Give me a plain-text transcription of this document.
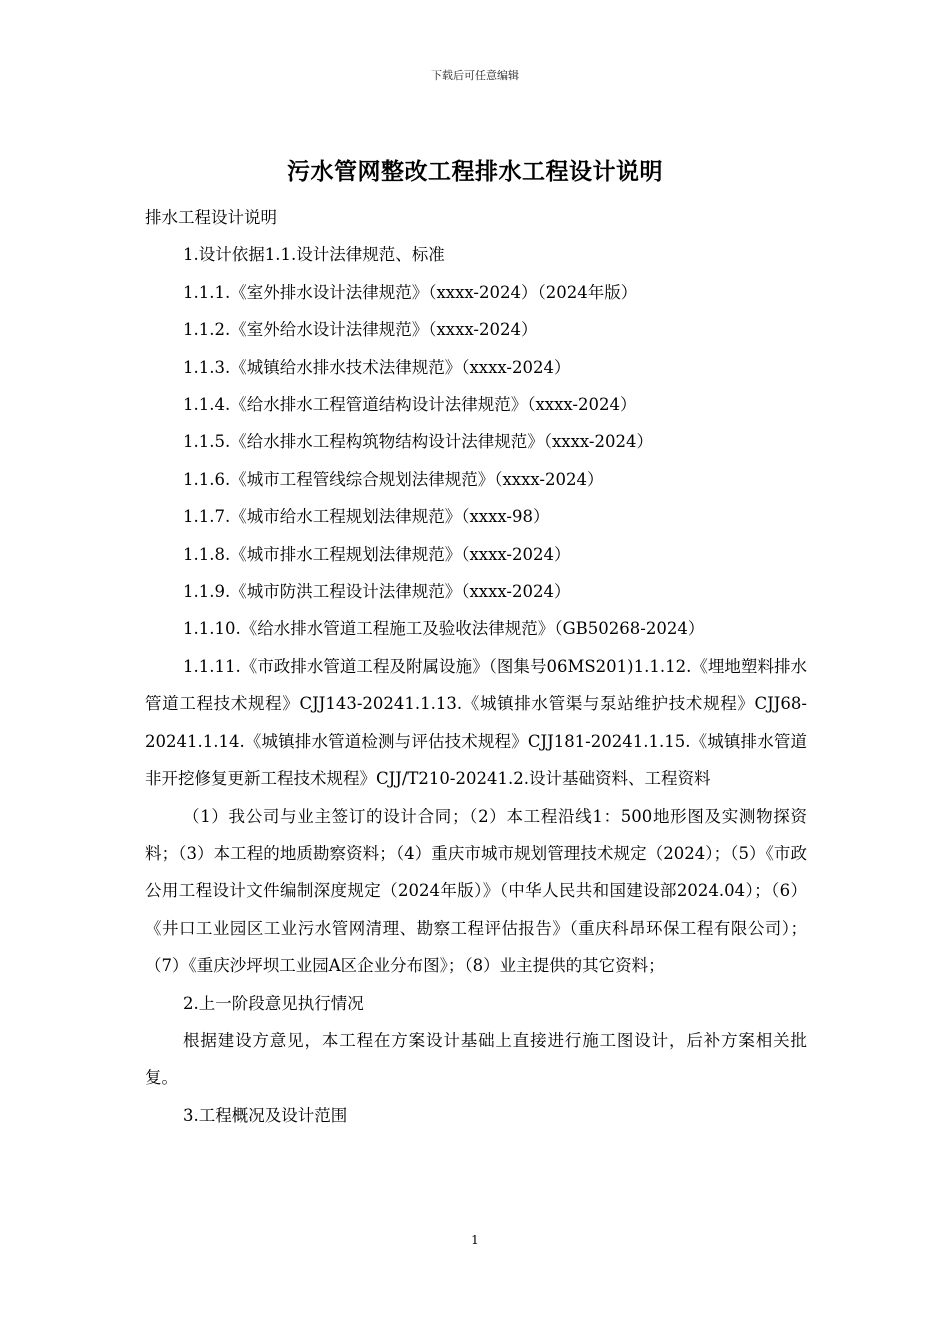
下载后可任意编辑
污水管网整改工程排水工程设计说明
排水工程设计说明
1.设计依据1.1.设计法律规范、标准
1.1.1.《室外排水设计法律规范》（xxxx-2024）（2024年版）
1.1.2.《室外给水设计法律规范》（xxxx-2024）
1.1.3.《城镇给水排水技术法律规范》（xxxx-2024）
1.1.4.《给水排水工程管道结构设计法律规范》（xxxx-2024）
1.1.5.《给水排水工程构筑物结构设计法律规范》（xxxx-2024）
1.1.6.《城市工程管线综合规划法律规范》（xxxx-2024）
1.1.7.《城市给水工程规划法律规范》（xxxx-98）
1.1.8.《城市排水工程规划法律规范》（xxxx-2024）
1.1.9.《城市防洪工程设计法律规范》（xxxx-2024）
1.1.10.《给水排水管道工程施工及验收法律规范》（GB50268-2024）
1.1.11.《市政排水管道工程及附属设施》（图集号06MS201)1.1.12.《埋地塑料排水管道工程技术规程》CJJ143-20241.1.13.《城镇排水管渠与泵站维护技术规程》CJJ68-20241.1.14.《城镇排水管道检测与评估技术规程》CJJ181-20241.1.15.《城镇排水管道非开挖修复更新工程技术规程》CJJ/T210-20241.2.设计基础资料、工程资料
（1）我公司与业主签订的设计合同；（2）本工程沿线1：500地形图及实测物探资料；（3）本工程的地质勘察资料；（4）重庆市城市规划管理技术规定（2024）；（5）《市政公用工程设计文件编制深度规定（2024年版）》（中华人民共和国建设部2024.04）；（6）《井口工业园区工业污水管网清理、勘察工程评估报告》（重庆科昂环保工程有限公司）；（7）《重庆沙坪坝工业园A区企业分布图》；（8）业主提供的其它资料；
2.上一阶段意见执行情况
根据建设方意见，本工程在方案设计基础上直接进行施工图设计，后补方案相关批复。
3.工程概况及设计范围
1
